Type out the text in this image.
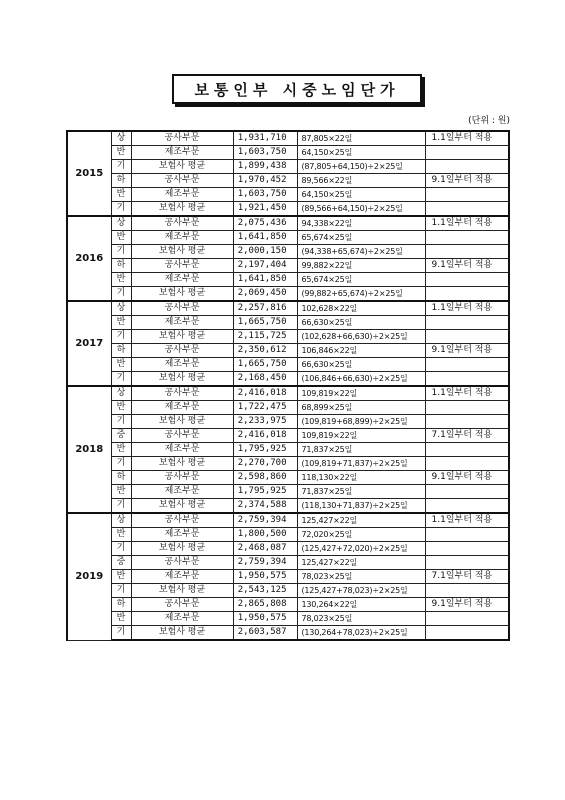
보통인부 시중노임단가
(단위 : 원)
2015	상	공사부문	1,931,710	87,805×22일	1.1일부터 적용
	반	제조부문	1,603,750	64,150×25일	
	기	보험사 평균	1,899,438	(87,805+64,150)÷2×25일	
	하	공사부문	1,970,452	89,566×22일	9.1일부터 적용
	반	제조부문	1,603,750	64,150×25일	
	기	보험사 평균	1,921,450	(89,566+64,150)÷2×25일	
2016	상	공사부문	2,075,436	94,338×22일	1.1일부터 적용
	반	제조부문	1,641,850	65,674×25일	
	기	보험사 평균	2,000,150	(94,338+65,674)÷2×25일	
	하	공사부문	2,197,404	99,882×22일	9.1일부터 적용
	반	제조부문	1,641,850	65,674×25일	
	기	보험사 평균	2,069,450	(99,882+65,674)÷2×25일	
2017	상	공사부문	2,257,816	102,628×22일	1.1일부터 적용
	반	제조부문	1,665,750	66,630×25일	
	기	보험사 평균	2,115,725	(102,628+66,630)÷2×25일	
	하	공사부문	2,350,612	106,846×22일	9.1일부터 적용
	반	제조부문	1,665,750	66,630×25일	
	기	보험사 평균	2,168,450	(106,846+66,630)÷2×25일	
2018	상	공사부문	2,416,018	109,819×22일	1.1일부터 적용
	반	제조부문	1,722,475	68,899×25일	
	기	보험사 평균	2,233,975	(109,819+68,899)÷2×25일	
	중	공사부문	2,416,018	109,819×22일	7.1일부터 적용
	반	제조부문	1,795,925	71,837×25일	
	기	보험사 평균	2,270,700	(109,819+71,837)÷2×25일	
	하	공사부문	2,598,860	118,130×22일	9.1일부터 적용
	반	제조부문	1,795,925	71,837×25일	
	기	보험사 평균	2,374,588	(118,130+71,837)÷2×25일	
2019	상	공사부문	2,759,394	125,427×22일	1.1일부터 적용
	반	제조부문	1,800,500	72,020×25일	
	기	보험사 평균	2,468,087	(125,427+72,020)÷2×25일	
	중	공사부문	2,759,394	125,427×22일	
	반	제조부문	1,950,575	78,023×25일	7.1일부터 적용
	기	보험사 평균	2,543,125	(125,427+78,023)÷2×25일	
	하	공사부문	2,865,808	130,264×22일	9.1일부터 적용
	반	제조부문	1,950,575	78,023×25일	
	기	보험사 평균	2,603,587	(130,264+78,023)÷2×25일	
